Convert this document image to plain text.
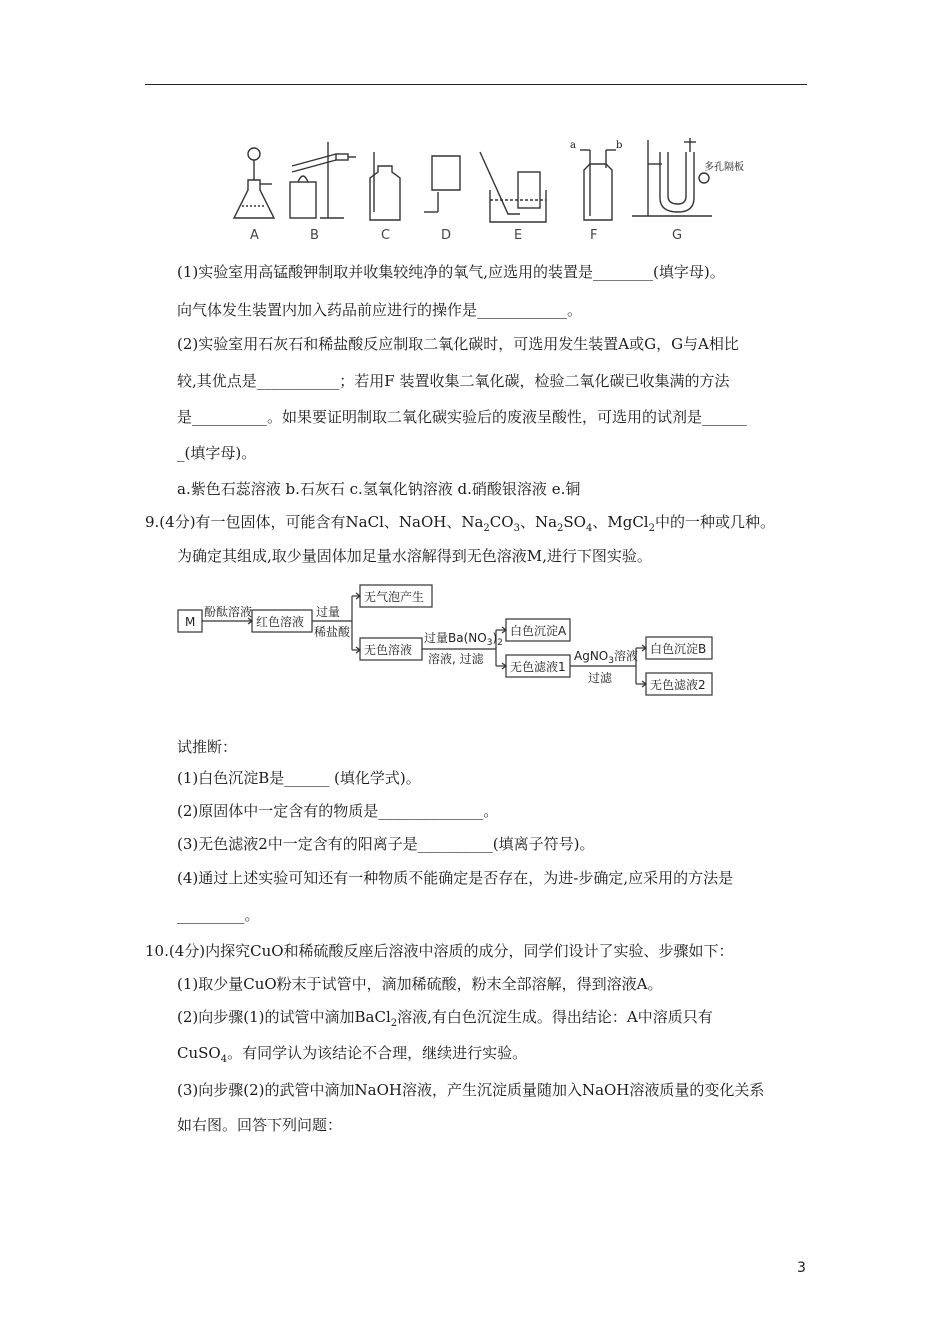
多孔隔板
a	b
A	B	C	D	E	F	G
(1)实验室用高锰酸钾制取并收集较纯净的氧气,应选用的装置是________(填字母)。
向气体发生装置内加入药品前应进行的操作是____________。
(2)实验室用石灰石和稀盐酸反应制取二氧化碳时，可选用发生装置A或G，G与A相比
较,其优点是___________；若用F 装置收集二氧化碳，检验二氧化碳已收集满的方法
是__________。如果要证明制取二氧化碳实验后的废液呈酸性，可选用的试剂是______
_(填字母)。
a.紫色石蕊溶液 b.石灰石 c.氢氧化钠溶液 d.硝酸银溶液 e.铜
9.(4分)有一包固体，可能含有NaCl、NaOH、$Na_2CO_3$、$Na_2SO_4$、MgCl$_2$中的一种或几种。
为确定其组成,取少量固体加足量水溶解得到无色溶液M,进行下图实验。
M
酚酞溶液
红色溶液
过量
稀盐酸
无气泡产生
无色溶液
过量$Ba(NO_3)_2$
溶液, 过滤
白色沉淀A
无色滤液1
AgNO$_3$溶液
过滤
白色沉淀B
无色滤液2
试推断：
(1)白色沉淀B是______ (填化学式)。
(2)原固体中一定含有的物质是______________。
(3)无色滤液2中一定含有的阳离子是__________(填离子符号)。
(4)通过上述实验可知还有一种物质不能确定是否存在，为进-步确定,应采用的方法是
_________。
10.(4分)内探究CuO和稀硫酸反座后溶液中溶质的成分，同学们设计了实验、步骤如下：
(1)取少量CuO粉末于试管中，滴加稀硫酸，粉末全部溶解，得到溶液A。
(2)向步骤(1)的试管中滴加BaCl$_2$溶液,有白色沉淀生成。得出结论：A中溶质只有
CuSO$_4$。有同学认为该结论不合理，继续进行实验。
(3)向步骤(2)的武管中滴加NaOH溶液，产生沉淀质量随加入NaOH溶液质量的变化关系
如右图。回答下列问题：
3
